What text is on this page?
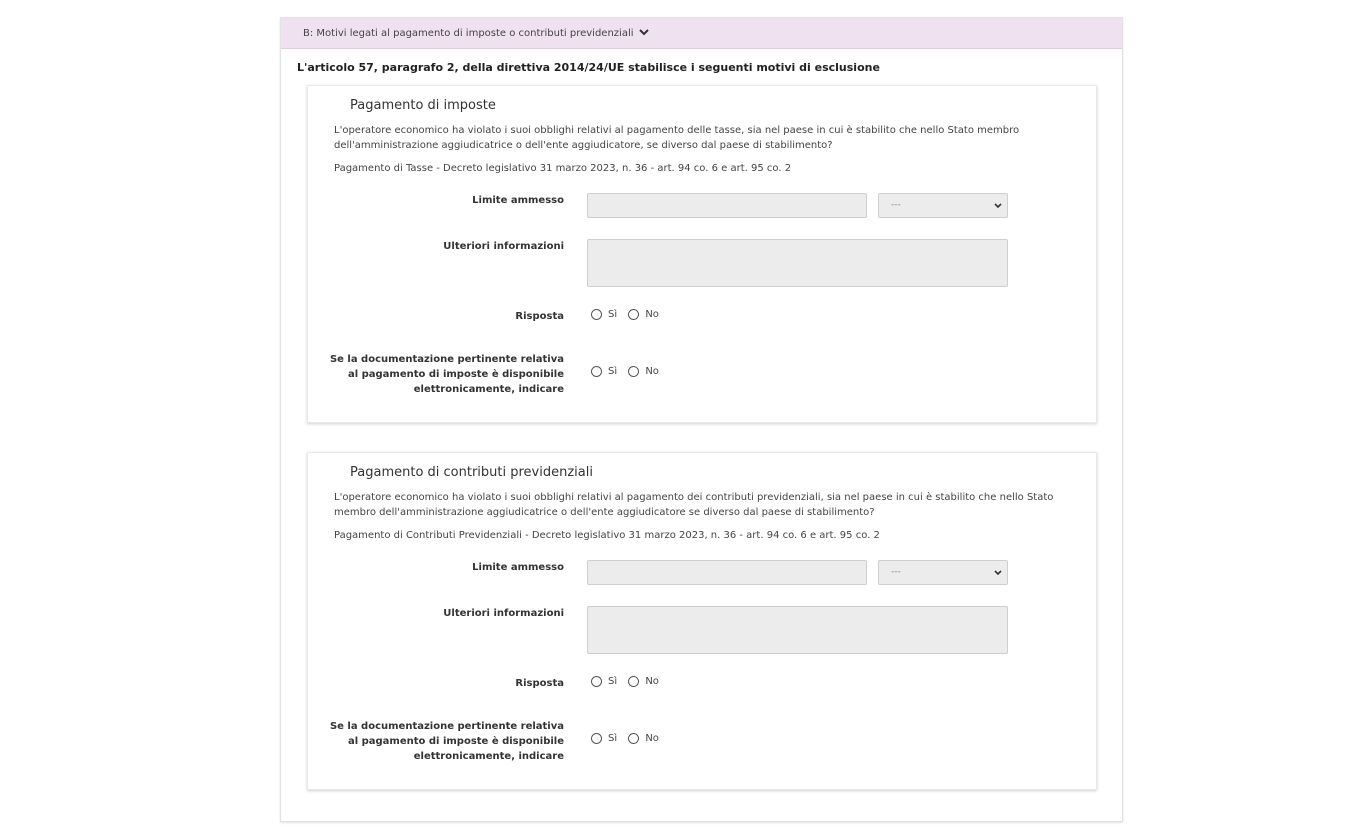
B: Motivi legati al pagamento di imposte o contributi previdenziali
L'articolo 57, paragrafo 2, della direttiva 2014/24/UE stabilisce i seguenti motivi di esclusione
Pagamento di imposte
L'operatore economico ha violato i suoi obblighi relativi al pagamento delle tasse, sia nel paese in cui è stabilito che nello Stato membro dell'amministrazione aggiudicatrice o dell'ente aggiudicatore, se diverso dal paese di stabilimento?
Pagamento di Tasse - Decreto legislativo 31 marzo 2023, n. 36 - art. 94 co. 6 e art. 95 co. 2
Limite ammesso	---
Ulteriori informazioni
Risposta	Sì
	No
Se la documentazione pertinente relativa al pagamento di imposte è disponibile elettronicamente, indicare
Sì
	No
Pagamento di contributi previdenziali
L'operatore economico ha violato i suoi obblighi relativi al pagamento dei contributi previdenziali, sia nel paese in cui è stabilito che nello Stato membro dell'amministrazione aggiudicatrice o dell'ente aggiudicatore se diverso dal paese di stabilimento?
Pagamento di Contributi Previdenziali - Decreto legislativo 31 marzo 2023, n. 36 - art. 94 co. 6 e art. 95 co. 2
Limite ammesso	---
Ulteriori informazioni
Risposta	Sì
	No
Se la documentazione pertinente relativa al pagamento di imposte è disponibile elettronicamente, indicare
Sì
	No
